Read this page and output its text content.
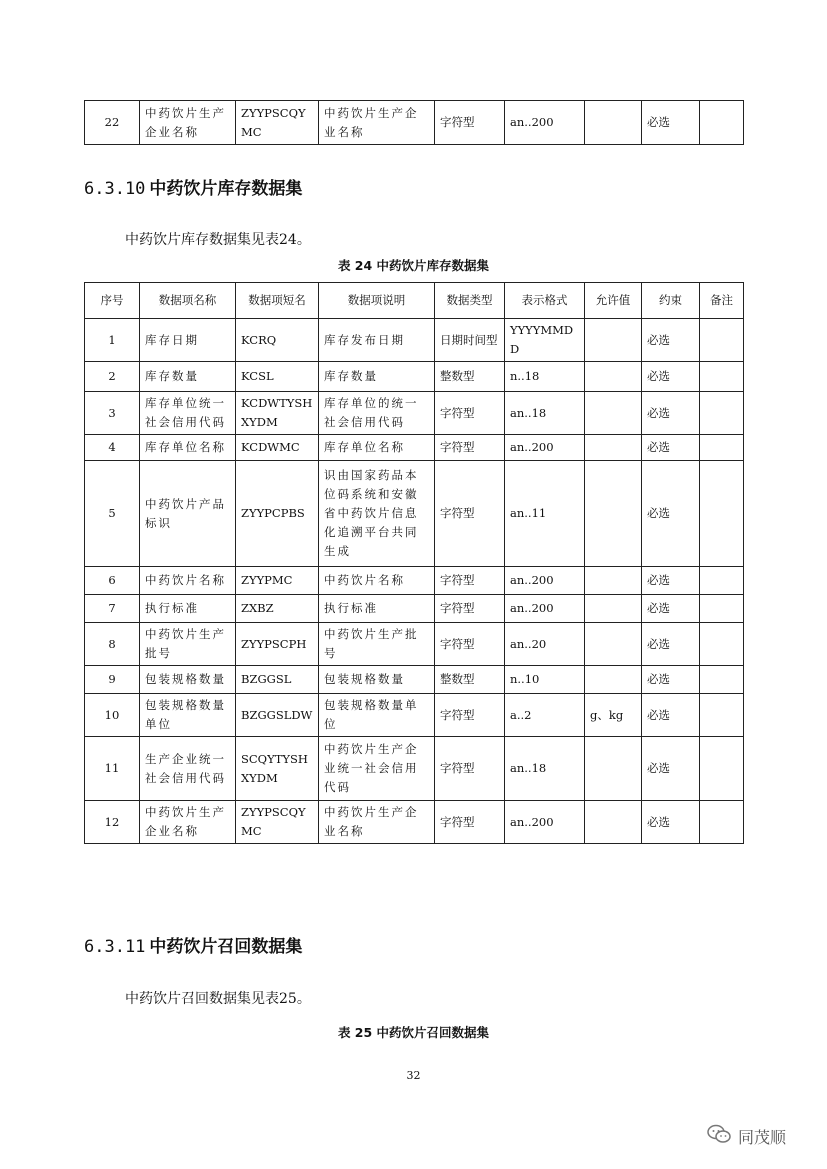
22	中药饮片生产企业名称	ZYYPSCQYMC	中药饮片生产企业名称	字符型	an..200		必选	
6.3.10 中药饮片库存数据集

中药饮片库存数据集见表24。

表 24 中药饮片库存数据集

序号	数据项名称	数据项短名	数据项说明	数据类型	表示格式	允许值	约束	备注
1	库存日期	KCRQ	库存发布日期	日期时间型	YYYYMMDD		必选	
2	库存数量	KCSL	库存数量	整数型	n..18		必选	
3	库存单位统一社会信用代码	KCDWTYSHXYDM	库存单位的统一社会信用代码	字符型	an..18		必选	
4	库存单位名称	KCDWMC	库存单位名称	字符型	an..200		必选	
5	中药饮片产品标识	ZYYPCPBS	识由国家药品本位码系统和安徽省中药饮片信息化追溯平台共同生成	字符型	an..11		必选	
6	中药饮片名称	ZYYPMC	中药饮片名称	字符型	an..200		必选	
7	执行标准	ZXBZ	执行标准	字符型	an..200		必选	
8	中药饮片生产批号	ZYYPSCPH	中药饮片生产批号	字符型	an..20		必选	
9	包装规格数量	BZGGSL	包装规格数量	整数型	n..10		必选	
10	包装规格数量单位	BZGGSLDW	包装规格数量单位	字符型	a..2	g、kg	必选	
11	生产企业统一社会信用代码	SCQYTYSHXYDM	中药饮片生产企业统一社会信用代码	字符型	an..18		必选	
12	中药饮片生产企业名称	ZYYPSCQYMC	中药饮片生产企业名称	字符型	an..200		必选	
6.3.11 中药饮片召回数据集

中药饮片召回数据集见表25。

表 25 中药饮片召回数据集

32
同茂顺
